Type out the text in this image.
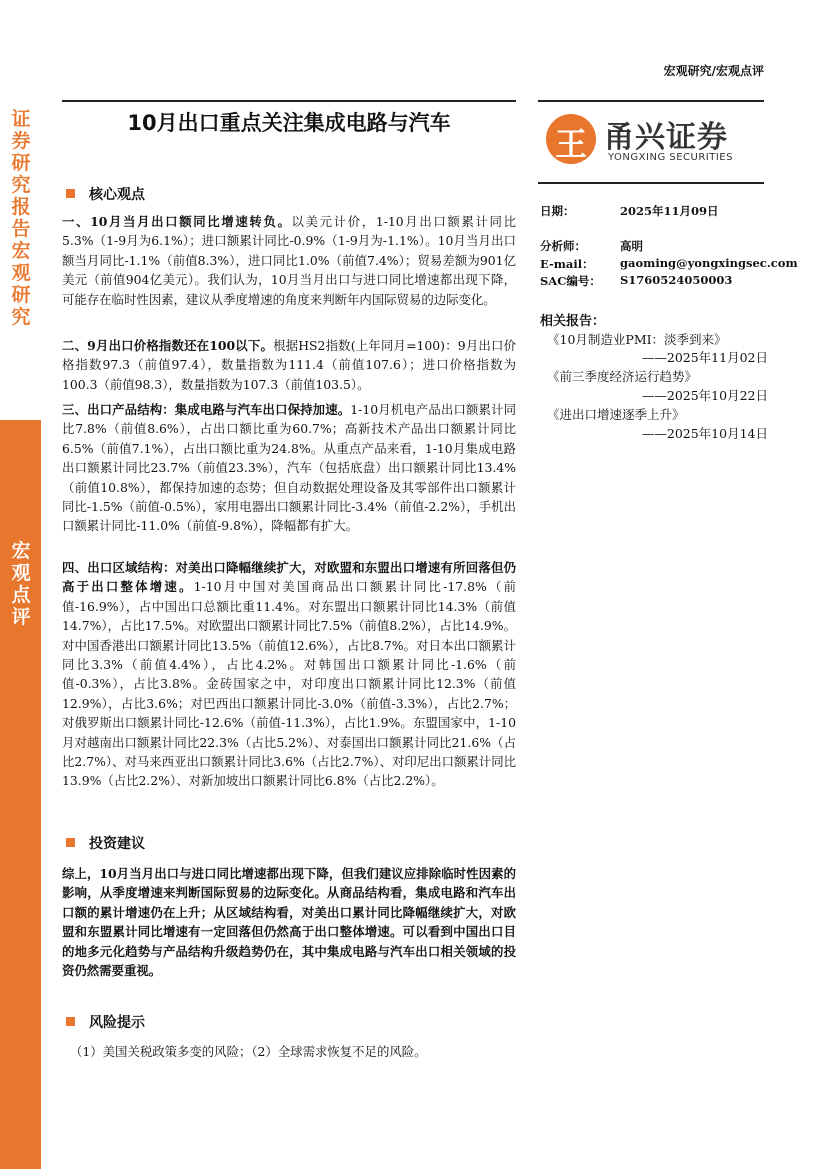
证券研究报告 宏观研究
宏观点评
宏观研究/宏观点评
10月出口重点关注集成电路与汽车
王 甬兴证券
YONGXING SECURITIES
日期：	2025年11月09日
分析师：	高明
E-mail： gaoming@yongxingsec.com
SAC编号： S1760524050003
相关报告：
《10月制造业PMI：淡季到来》
——2025年11月02日
《前三季度经济运行趋势》
——2025年10月22日
《进出口增速逐季上升》
——2025年10月14日
核心观点

一、10月当月出口额同比增速转负。以美元计价，1-10月出口额累计同比5.3%（1-9月为6.1%）；进口额累计同比-0.9%（1-9月为-1.1%）。10月当月出口额当月同比-1.1%（前值8.3%），进口同比1.0%（前值7.4%）；贸易差额为901亿美元（前值904亿美元）。我们认为，10月当月出口与进口同比增速都出现下降，可能存在临时性因素，建议从季度增速的角度来判断年内国际贸易的边际变化。

二、9月出口价格指数还在100以下。根据HS2指数(上年同月=100)：9月出口价格指数97.3（前值97.4），数量指数为111.4（前值107.6）；进口价格指数为100.3（前值98.3），数量指数为107.3（前值103.5）。

三、出口产品结构：集成电路与汽车出口保持加速。1-10月机电产品出口额累计同比7.8%（前值8.6%），占出口额比重为60.7%；高新技术产品出口额累计同比6.5%（前值7.1%），占出口额比重为24.8%。从重点产品来看，1-10月集成电路出口额累计同比23.7%（前值23.3%），汽车（包括底盘）出口额累计同比13.4%（前值10.8%），都保持加速的态势；但自动数据处理设备及其零部件出口额累计同比-1.5%（前值-0.5%），家用电器出口额累计同比-3.4%（前值-2.2%），手机出口额累计同比-11.0%（前值-9.8%），降幅都有扩大。

四、出口区域结构：对美出口降幅继续扩大，对欧盟和东盟出口增速有所回落但仍高于出口整体增速。1-10月中国对美国商品出口额累计同比-17.8%（前值-16.9%），占中国出口总额比重11.4%。对东盟出口额累计同比14.3%（前值14.7%），占比17.5%。对欧盟出口额累计同比7.5%（前值8.2%），占比14.9%。对中国香港出口额累计同比13.5%（前值12.6%），占比8.7%。对日本出口额累计同比3.3%（前值4.4%），占比4.2%。对韩国出口额累计同比-1.6%（前值-0.3%），占比3.8%。金砖国家之中，对印度出口额累计同比12.3%（前值12.9%），占比3.6%；对巴西出口额累计同比-3.0%（前值-3.3%），占比2.7%；对俄罗斯出口额累计同比-12.6%（前值-11.3%），占比1.9%。东盟国家中，1-10月对越南出口额累计同比22.3%（占比5.2%）、对泰国出口额累计同比21.6%（占比2.7%）、对马来西亚出口额累计同比3.6%（占比2.7%）、对印尼出口额累计同比13.9%（占比2.2%）、对新加坡出口额累计同比6.8%（占比2.2%）。

投资建议

综上，10月当月出口与进口同比增速都出现下降，但我们建议应排除临时性因素的影响，从季度增速来判断国际贸易的边际变化。从商品结构看，集成电路和汽车出口额的累计增速仍在上升；从区域结构看，对美出口累计同比降幅继续扩大，对欧盟和东盟累计同比增速有一定回落但仍然高于出口整体增速。可以看到中国出口目的地多元化趋势与产品结构升级趋势仍在，其中集成电路与汽车出口相关领域的投资仍然需要重视。

风险提示

（1）美国关税政策多变的风险；（2）全球需求恢复不足的风险。
